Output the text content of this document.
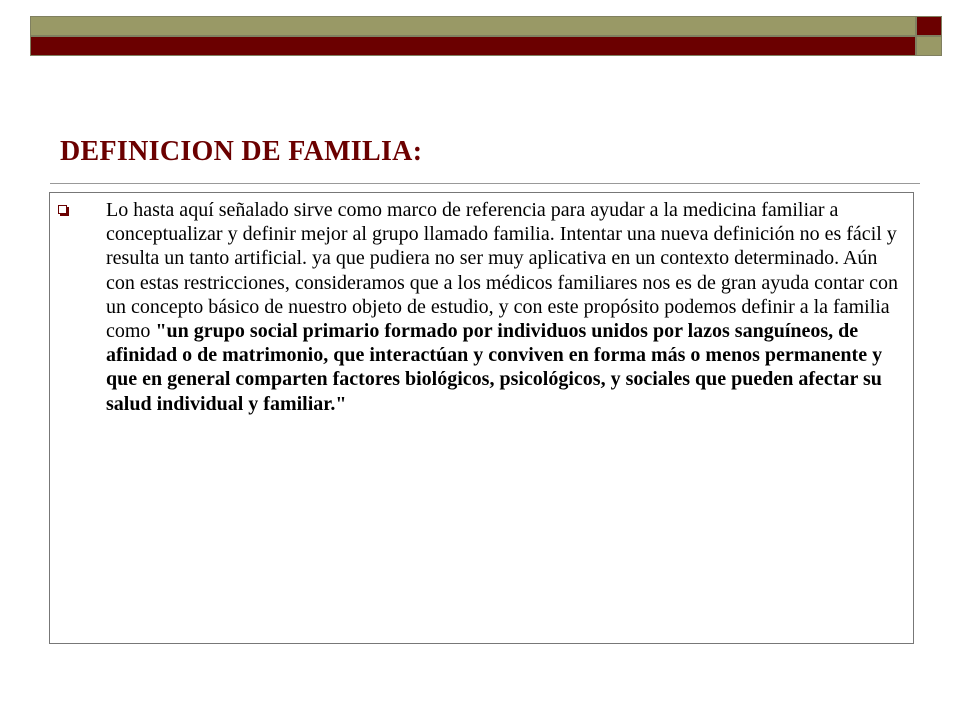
DEFINICION DE FAMILIA:
Lo hasta aquí señalado sirve como marco de referencia para ayudar a la medicina familiar a conceptualizar y definir mejor al grupo llamado familia. Intentar una nueva definición no es fácil y resulta un tanto artificial. ya que pudiera no ser muy aplicativa en un contexto determinado. Aún con estas restricciones, consideramos que a los médicos familiares nos es de gran ayuda contar con un concepto básico de nuestro objeto de estudio, y con este propósito podemos definir a la familia como "un grupo social primario formado por individuos unidos por lazos sanguíneos, de afinidad o de matrimonio, que interactúan y conviven en forma más o menos permanente y que en general comparten factores biológicos, psicológicos, y sociales que pueden afectar su salud individual y familiar."
